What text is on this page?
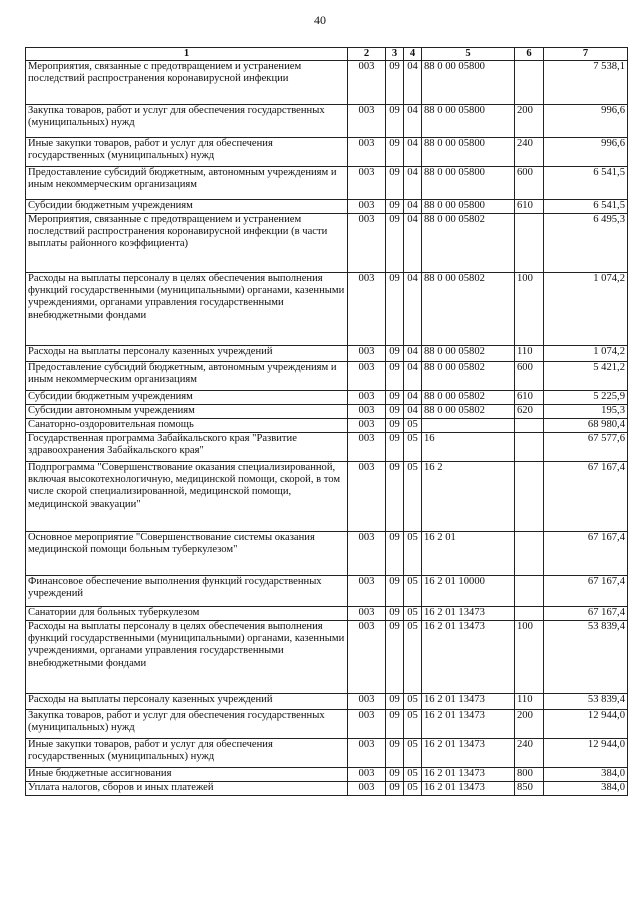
40
1	2	3	4	5	6	7
Мероприятия, связанные с предотвращением и устранением последствий распространения коронавирусной инфекции	003	09	04	88 0 00 05800		7 538,1
Закупка товаров, работ и услуг для обеспечения государственных (муниципальных) нужд	003	09	04	88 0 00 05800	200	996,6
Иные закупки товаров, работ и услуг для обеспечения государственных (муниципальных) нужд	003	09	04	88 0 00 05800	240	996,6
Предоставление субсидий бюджетным, автономным учреждениям и иным некоммерческим организациям	003	09	04	88 0 00 05800	600	6 541,5
Субсидии бюджетным учреждениям	003	09	04	88 0 00 05800	610	6 541,5
Мероприятия, связанные с предотвращением и устранением последствий распространения коронавирусной инфекции (в части выплаты районного коэффициента)	003	09	04	88 0 00 05802		6 495,3
Расходы на выплаты персоналу в целях обеспечения выполнения функций государственными (муниципальными) органами, казенными учреждениями, органами управления государственными внебюджетными фондами	003	09	04	88 0 00 05802	100	1 074,2
Расходы на выплаты персоналу казенных учреждений	003	09	04	88 0 00 05802	110	1 074,2
Предоставление субсидий бюджетным, автономным учреждениям и иным некоммерческим организациям	003	09	04	88 0 00 05802	600	5 421,2
Субсидии бюджетным учреждениям	003	09	04	88 0 00 05802	610	5 225,9
Субсидии автономным учреждениям	003	09	04	88 0 00 05802	620	195,3
Санаторно-оздоровительная помощь	003	09	05			68 980,4
Государственная программа Забайкальского края "Развитие здравоохранения Забайкальского края"	003	09	05	16		67 577,6
Подпрограмма "Совершенствование оказания специализированной, включая высокотехнологичную, медицинской помощи, скорой, в том числе скорой специализированной, медицинской помощи, медицинской эвакуации"	003	09	05	16 2		67 167,4
Основное мероприятие "Совершенствование системы оказания медицинской помощи больным туберкулезом"	003	09	05	16 2 01		67 167,4
Финансовое обеспечение выполнения функций государственных учреждений	003	09	05	16 2 01 10000		67 167,4
Санатории для больных туберкулезом	003	09	05	16 2 01 13473		67 167,4
Расходы на выплаты персоналу в целях обеспечения выполнения функций государственными (муниципальными) органами, казенными учреждениями, органами управления государственными внебюджетными фондами	003	09	05	16 2 01 13473	100	53 839,4
Расходы на выплаты персоналу казенных учреждений	003	09	05	16 2 01 13473	110	53 839,4
Закупка товаров, работ и услуг для обеспечения государственных (муниципальных) нужд	003	09	05	16 2 01 13473	200	12 944,0
Иные закупки товаров, работ и услуг для обеспечения государственных (муниципальных) нужд	003	09	05	16 2 01 13473	240	12 944,0
Иные бюджетные ассигнования	003	09	05	16 2 01 13473	800	384,0
Уплата налогов, сборов и иных платежей	003	09	05	16 2 01 13473	850	384,0
